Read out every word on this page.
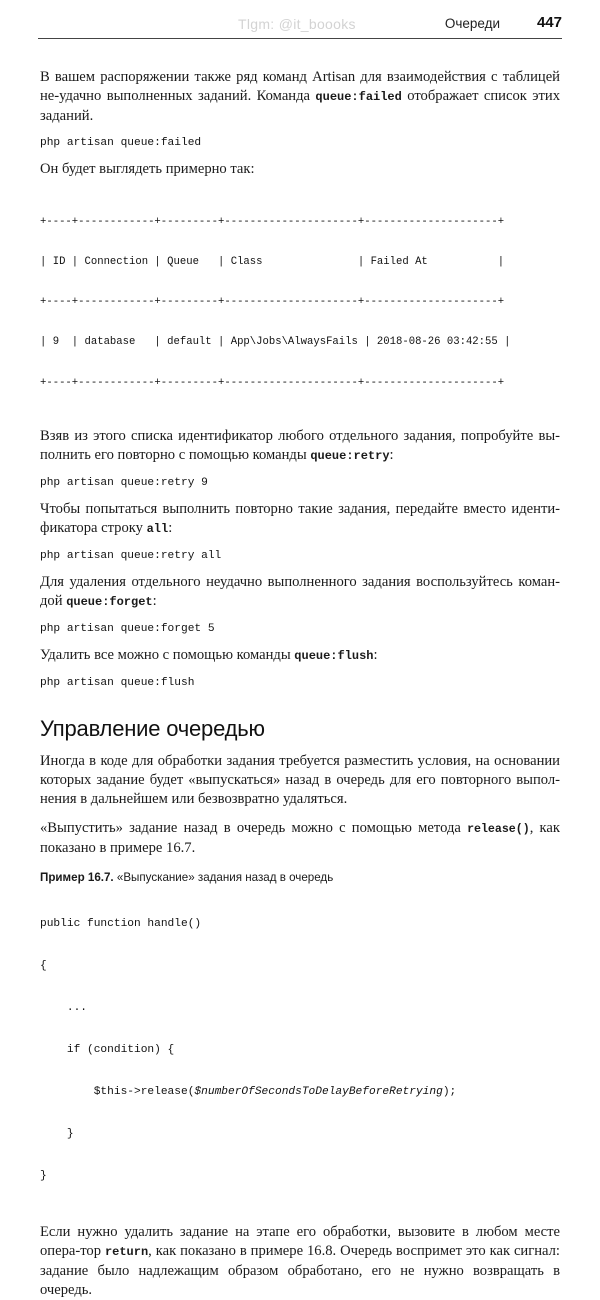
Tlgm: @it_boooks	Очереди 447

В вашем распоряжении также ряд команд Artisan для взаимодействия с таблицей не-удачно выполненных заданий. Команда queue:failed отображает список этих заданий.

php artisan queue:failed

Он будет выглядеть примерно так:

+----+------------+---------+---------------------+---------------------+

| ID | Connection | Queue   | Class               | Failed At           |

+----+------------+---------+---------------------+---------------------+

| 9  | database   | default | App\Jobs\AlwaysFails | 2018-08-26 03:42:55 |

+----+------------+---------+---------------------+---------------------+

Взяв из этого списка идентификатор любого отдельного задания, попробуйте вы-полнить его повторно с помощью команды queue:retry:

php artisan queue:retry 9

Чтобы попытаться выполнить повторно такие задания, передайте вместо иденти-фикатора строку all:

php artisan queue:retry all

Для удаления отдельного неудачно выполненного задания воспользуйтесь коман-дой queue:forget:

php artisan queue:forget 5

Удалить все можно с помощью команды queue:flush:

php artisan queue:flush
Управление очередью

Иногда в коде для обработки задания требуется разместить условия, на основании которых задание будет «выпускаться» назад в очередь для его повторного выпол-нения в дальнейшем или безвозвратно удаляться.

«Выпустить» задание назад в очередь можно с помощью метода release(), как показано в примере 16.7.

Пример 16.7. «Выпускание» задания назад в очередь

public function handle()

{

...

if (condition) {

$this->release($numberOfSecondsToDelayBeforeRetrying);

}

}

Если нужно удалить задание на этапе его обработки, вызовите в любом месте опера-тор return, как показано в примере 16.8. Очередь воспримет это как сигнал: задание было надлежащим образом обработано, его не нужно возвращать в очередь.
